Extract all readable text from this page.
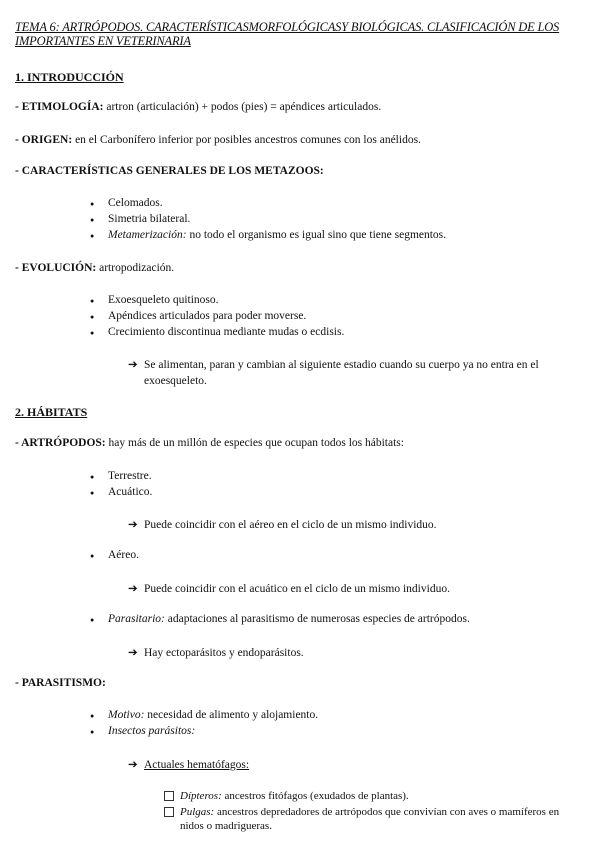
TEMA 6: ARTRÓPODOS. CARACTERÍSTICASMORFOLÓGICASY BIOLÓGICAS. CLASIFICACIÓN DE LOS IMPORTANTES EN VETERINARIA
1. INTRODUCCIÓN
- ETIMOLOGÍA: artron (articulación) + podos (pies) = apéndices articulados.
- ORIGEN: en el Carbonífero inferior por posibles ancestros comunes con los anélidos.
- CARACTERÍSTICAS GENERALES DE LOS METAZOOS:
Celomados.
Simetria bilateral.
Metamerización: no todo el organismo es igual sino que tiene segmentos.
- EVOLUCIÓN: artropodización.
Exoesqueleto quitinoso.
Apéndices articulados para poder moverse.
Crecimiento discontinua mediante mudas o ecdisis.
➔ Se alimentan, paran y cambian al siguiente estadio cuando su cuerpo ya no entra en el exoesqueleto.
2. HÁBITATS
- ARTRÓPODOS: hay más de un millón de especies que ocupan todos los hábitats:
Terrestre.
Acuático.
➔ Puede coincidir con el aéreo en el ciclo de un mismo individuo.
Aéreo.
➔ Puede coincidir con el acuático en el ciclo de un mismo individuo.
Parasitario: adaptaciones al parasitismo de numerosas especies de artrópodos.
➔ Hay ectoparásitos y endoparásitos.
- PARASITISMO:
Motivo: necesidad de alimento y alojamiento.
Insectos parásitos:
➔ Actuales hematófagos:
Dípteros: ancestros fitófagos (exudados de plantas).
Pulgas: ancestros depredadores de artrópodos que convivían con aves o mamíferos en nidos o madrigueras.
